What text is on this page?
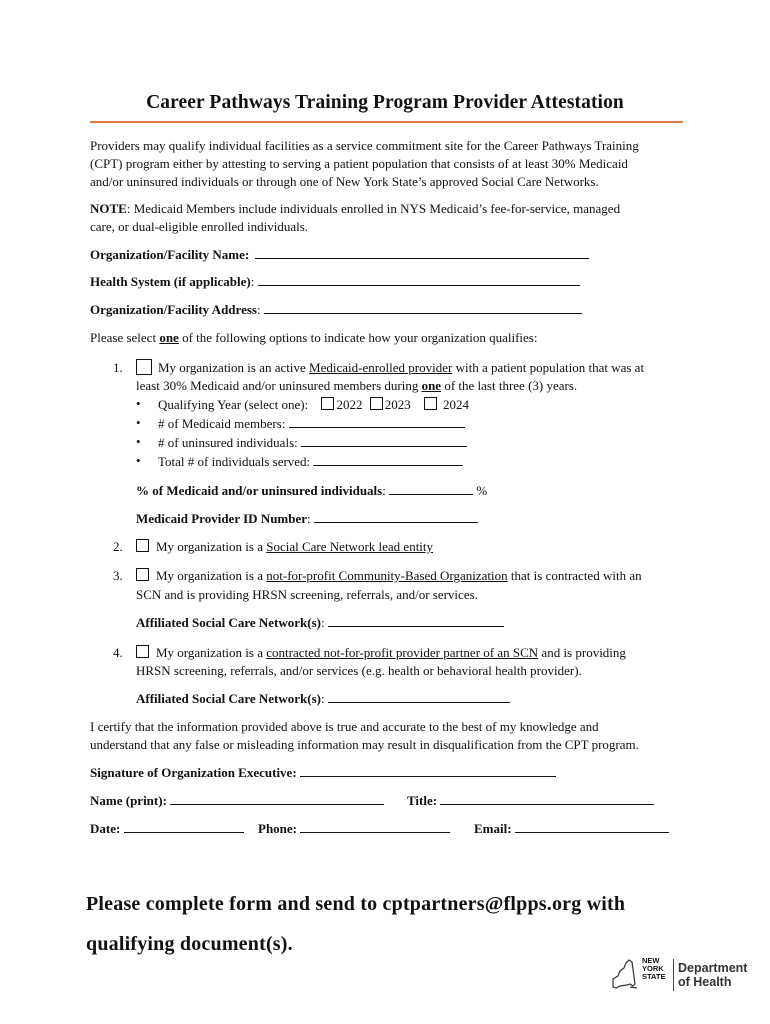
Career Pathways Training Program Provider Attestation
Providers may qualify individual facilities as a service commitment site for the Career Pathways Training
(CPT) program either by attesting to serving a patient population that consists of at least 30% Medicaid
and/or uninsured individuals or through one of New York State’s approved Social Care Networks.
NOTE: Medicaid Members include individuals enrolled in NYS Medicaid’s fee-for-service, managed
care, or dual-eligible enrolled individuals.
Organization/Facility Name:
Health System (if applicable):
Organization/Facility Address:
Please select one of the following options to indicate how your organization qualifies:
1.	My organization is an active Medicaid-enrolled provider with a patient population that was at
least 30% Medicaid and/or uninsured members during one of the last three (3) years.
• Qualifying Year (select one): 2022 2023 2024
• # of Medicaid members:
• # of uninsured individuals:
• Total # of individuals served:
% of Medicaid and/or uninsured individuals:	%
Medicaid Provider ID Number:
2.	My organization is a Social Care Network lead entity
3.	My organization is a not-for-profit Community-Based Organization that is contracted with an
SCN and is providing HRSN screening, referrals, and/or services.
Affiliated Social Care Network(s):
4.	My organization is a contracted not-for-profit provider partner of an SCN and is providing
HRSN screening, referrals, and/or services (e.g. health or behavioral health provider).
Affiliated Social Care Network(s):
I certify that the information provided above is true and accurate to the best of my knowledge and
understand that any false or misleading information may result in disqualification from the CPT program.
Signature of Organization Executive:
Name (print):	Title:
Date:	Phone:	Email:
Please complete form and send to cptpartners@flpps.org with
qualifying document(s).
NEW
YORK
STATE
Department
of Health
